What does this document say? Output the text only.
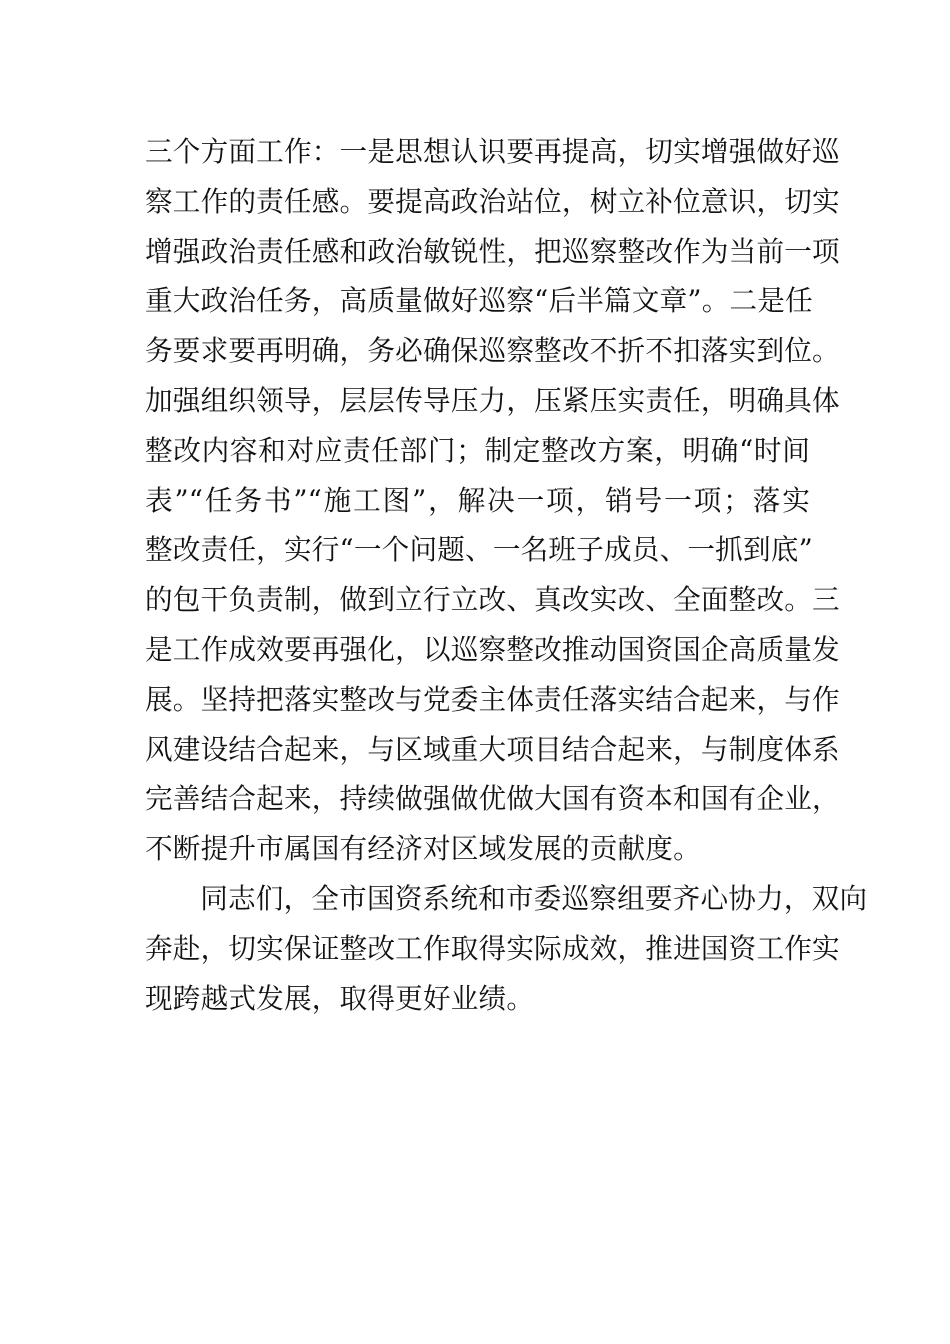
三个方面工作：一是思想认识要再提高，切实增强做好巡
察工作的责任感。要提高政治站位，树立补位意识，切实
增强政治责任感和政治敏锐性，把巡察整改作为当前一项
重大政治任务，高质量做好巡察“后半篇文章”。二是任
务要求要再明确，务必确保巡察整改不折不扣落实到位。
加强组织领导，层层传导压力，压紧压实责任，明确具体
整改内容和对应责任部门；制定整改方案，明确“时间
表”“任务书”“施工图”，解决一项，销号一项；落实
整改责任，实行“一个问题、一名班子成员、一抓到底”
的包干负责制，做到立行立改、真改实改、全面整改。三
是工作成效要再强化，以巡察整改推动国资国企高质量发
展。坚持把落实整改与党委主体责任落实结合起来，与作
风建设结合起来，与区域重大项目结合起来，与制度体系
完善结合起来，持续做强做优做大国有资本和国有企业，
不断提升市属国有经济对区域发展的贡献度。

同志们，全市国资系统和市委巡察组要齐心协力，双向
奔赴，切实保证整改工作取得实际成效，推进国资工作实
现跨越式发展，取得更好业绩。
